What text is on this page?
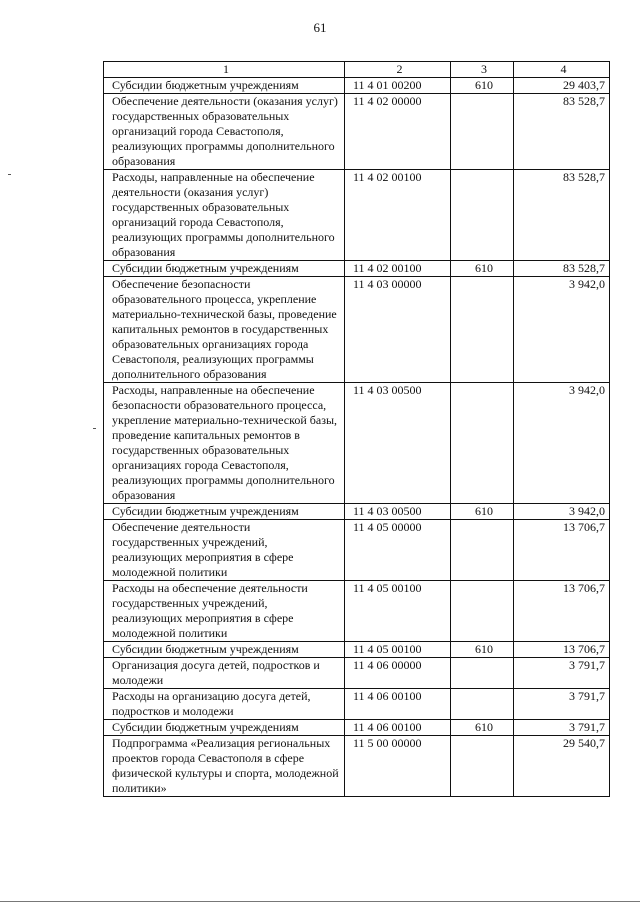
61
1	2	3	4
Субсидии бюджетным учреждениям	11 4 01 00200	610	29 403,7
Обеспечение деятельности (оказания услуг) государственных образовательных организаций города Севастополя, реализующих программы дополнительного образования	11 4 02 00000		83 528,7
Расходы, направленные на обеспечение деятельности (оказания услуг) государственных образовательных организаций города Севастополя, реализующих программы дополнительного образования	11 4 02 00100		83 528,7
Субсидии бюджетным учреждениям	11 4 02 00100	610	83 528,7
Обеспечение безопасности образовательного процесса, укрепление материально-технической базы, проведение капитальных ремонтов в государственных образовательных организациях города Севастополя, реализующих программы дополнительного образования	11 4 03 00000		3 942,0
Расходы, направленные на обеспечение безопасности образовательного процесса, укрепление материально-технической базы, проведение капитальных ремонтов в государственных образовательных организациях города Севастополя, реализующих программы дополнительного образования	11 4 03 00500		3 942,0
Субсидии бюджетным учреждениям	11 4 03 00500	610	3 942,0
Обеспечение деятельности государственных учреждений, реализующих мероприятия в сфере молодежной политики	11 4 05 00000		13 706,7
Расходы на обеспечение деятельности государственных учреждений, реализующих мероприятия в сфере молодежной политики	11 4 05 00100		13 706,7
Субсидии бюджетным учреждениям	11 4 05 00100	610	13 706,7
Организация досуга детей, подростков и молодежи	11 4 06 00000		3 791,7
Расходы на организацию досуга детей, подростков и молодежи	11 4 06 00100		3 791,7
Субсидии бюджетным учреждениям	11 4 06 00100	610	3 791,7
Подпрограмма «Реализация региональных проектов города Севастополя в сфере физической культуры и спорта, молодежной политики»	11 5 00 00000		29 540,7
